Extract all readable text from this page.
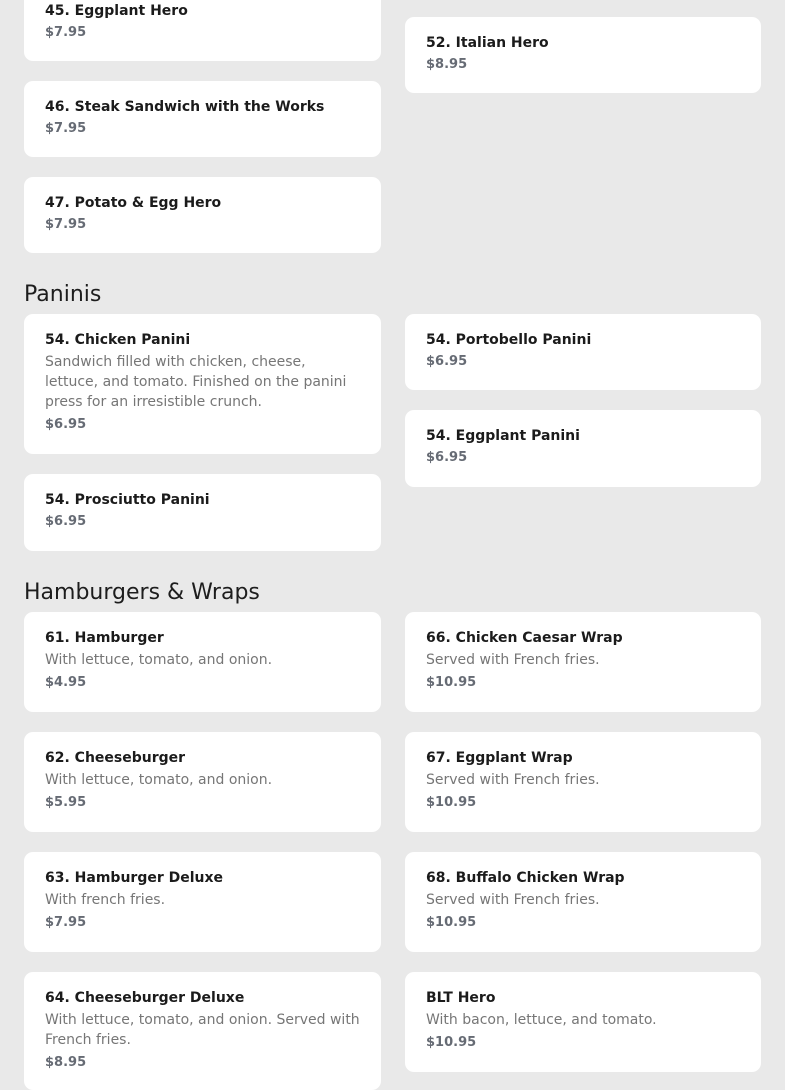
45. Eggplant Hero

$7.95

46. Steak Sandwich with the Works

$7.95

47. Potato & Egg Hero

$7.95

52. Italian Hero

$8.95

Paninis

54. Chicken Panini

Sandwich filled with chicken, cheese, lettuce, and tomato. Finished on the panini press for an irresistible crunch.

$6.95

54. Prosciutto Panini

$6.95

54. Portobello Panini

$6.95

54. Eggplant Panini

$6.95

Hamburgers & Wraps

61. Hamburger

With lettuce, tomato, and onion.

$4.95

62. Cheeseburger

With lettuce, tomato, and onion.

$5.95

63. Hamburger Deluxe

With french fries.

$7.95

64. Cheeseburger Deluxe

With lettuce, tomato, and onion. Served with French fries.

$8.95

66. Chicken Caesar Wrap

Served with French fries.

$10.95

67. Eggplant Wrap

Served with French fries.

$10.95

68. Buffalo Chicken Wrap

Served with French fries.

$10.95

BLT Hero

With bacon, lettuce, and tomato.

$10.95
